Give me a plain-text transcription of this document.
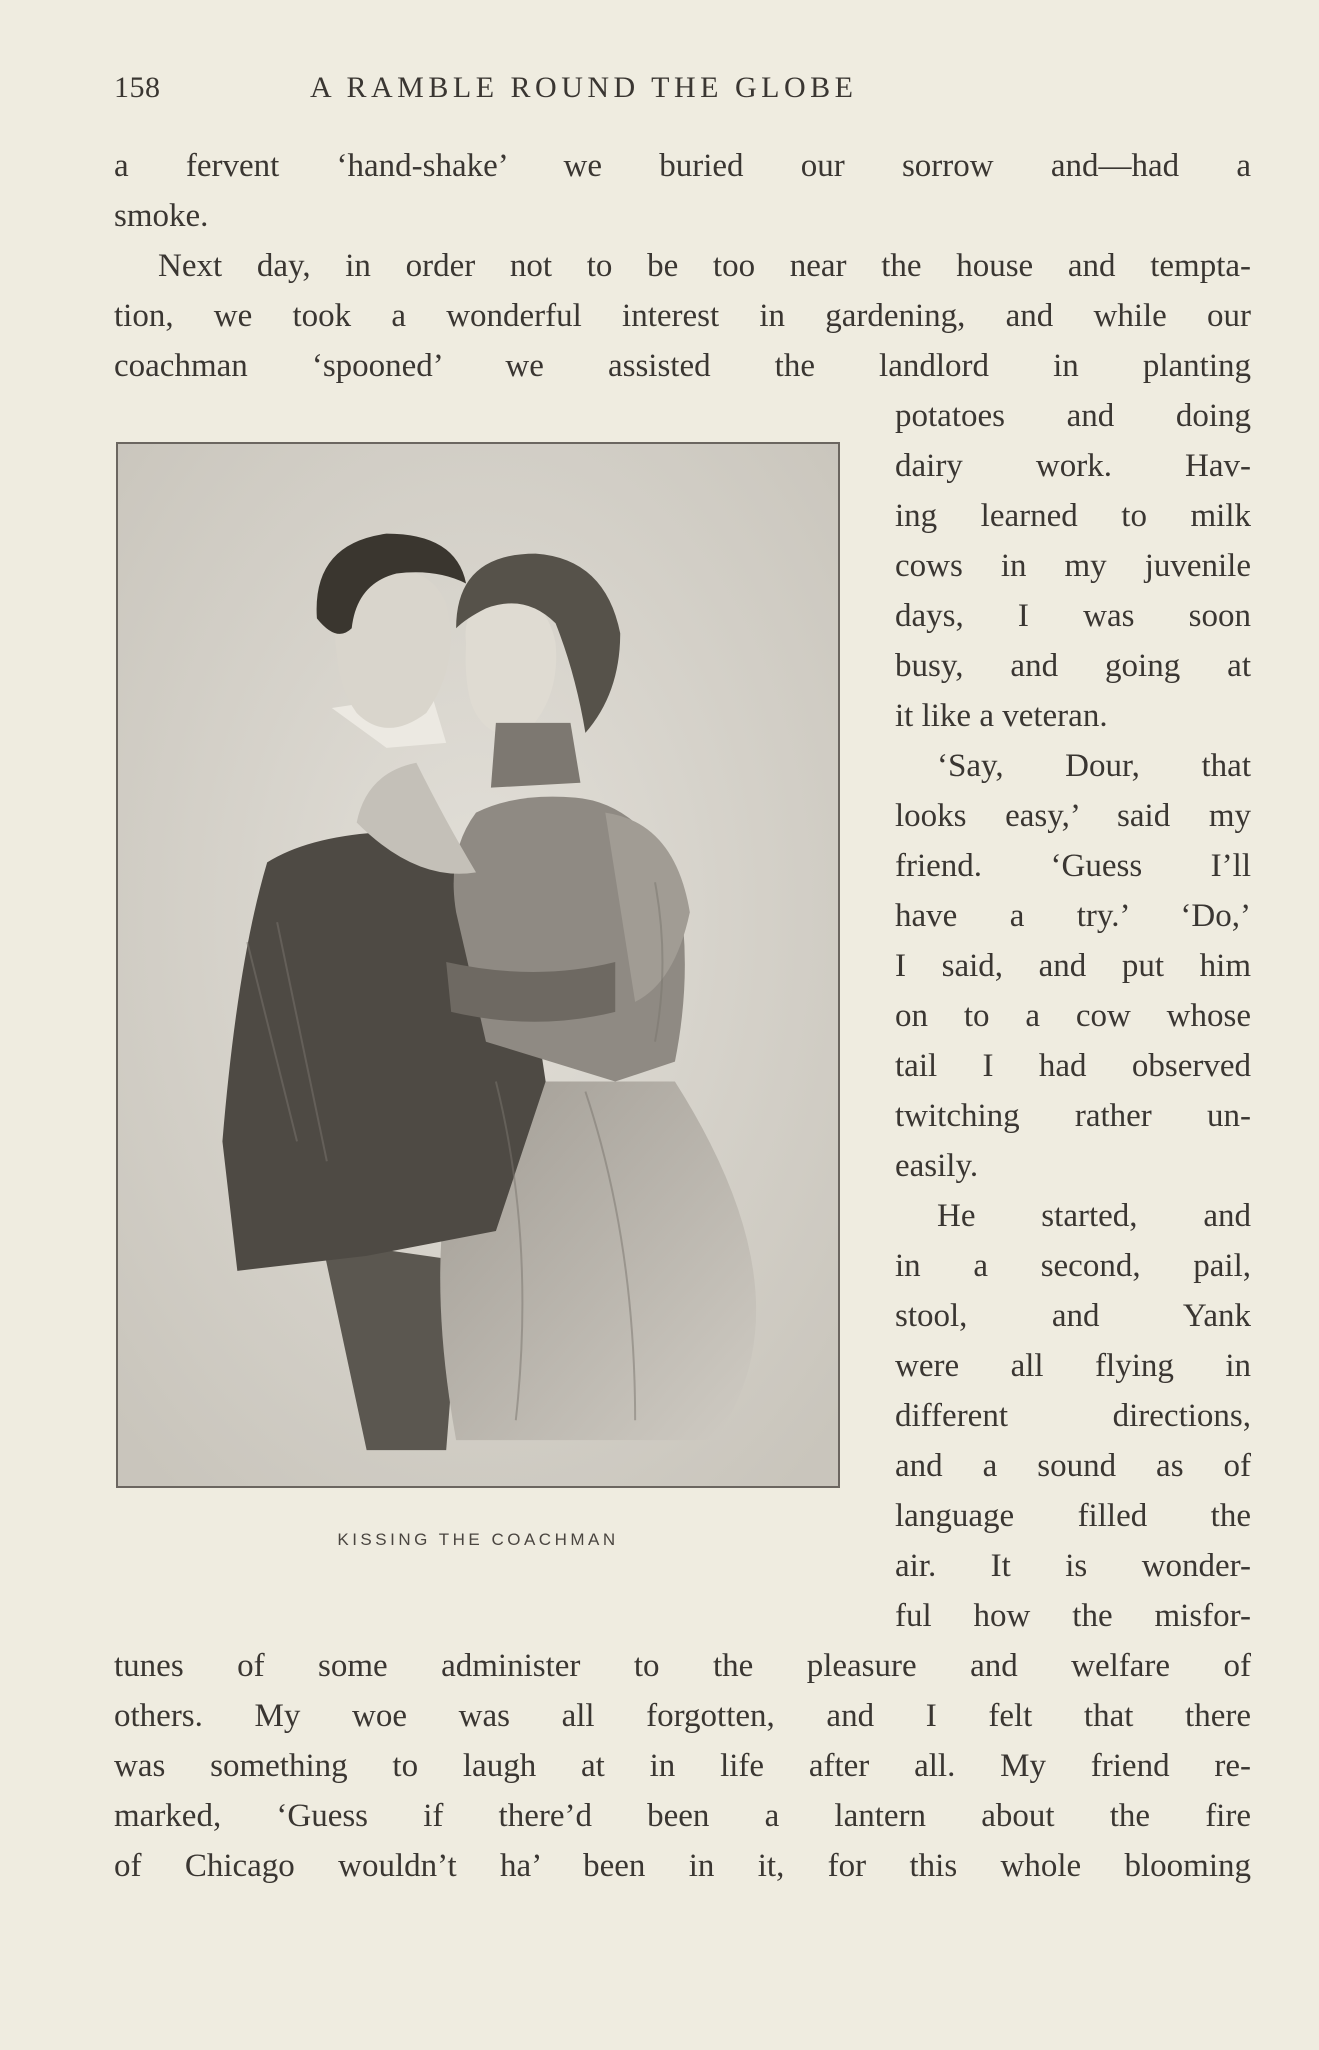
158	A RAMBLE ROUND THE GLOBE
a fervent ‘hand-shake’ we buried our sorrow and—had a
smoke.
Next day, in order not to be too near the house and tempta-
tion, we took a wonderful interest in gardening, and while our
coachman ‘spooned’ we assisted the landlord in planting
KISSING THE COACHMAN
potatoes and doing
dairy work. Hav-
ing learned to milk
cows in my juvenile
days, I was soon
busy, and going at
it like a veteran.
‘Say, Dour, that
looks easy,’ said my
friend. ‘Guess I’ll
have a try.’ ‘Do,’
I said, and put him
on to a cow whose
tail I had observed
twitching rather un-
easily.
He started, and
in a second, pail,
stool, and Yank
were all flying in
different directions,
and a sound as of
language filled the
air. It is wonder-
ful how the misfor-
tunes of some administer to the pleasure and welfare of
others. My woe was all forgotten, and I felt that there
was something to laugh at in life after all. My friend re-
marked, ‘Guess if there’d been a lantern about the fire
of Chicago wouldn’t ha’ been in it, for this whole blooming
